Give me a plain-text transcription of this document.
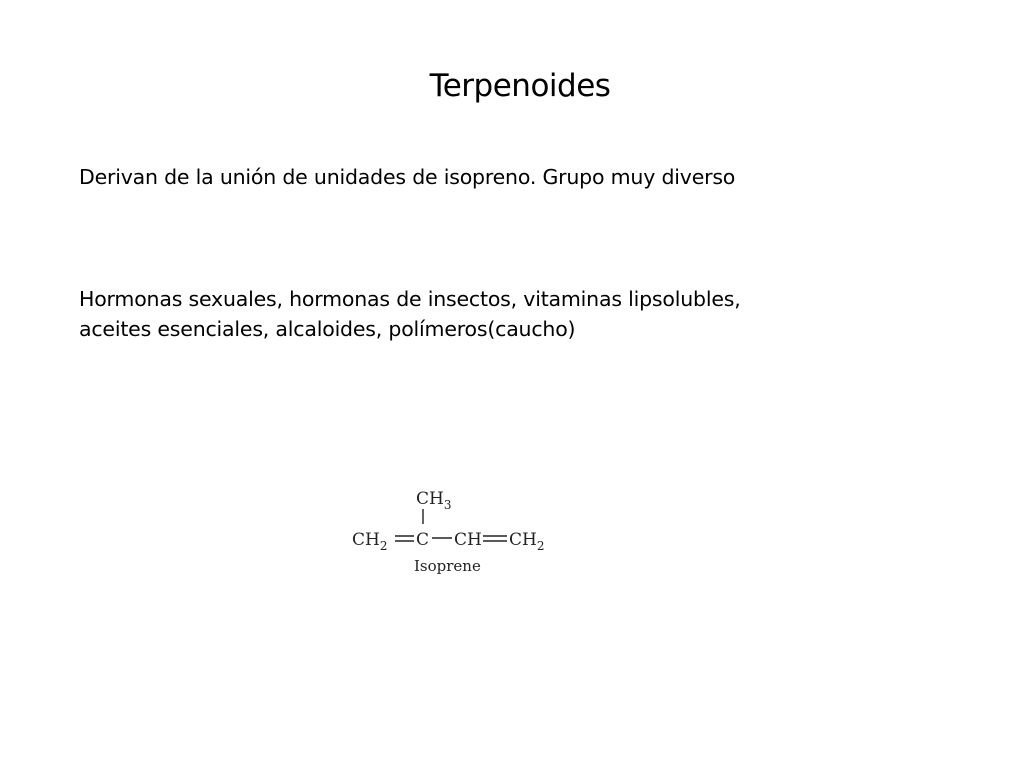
Terpenoides
Derivan de la unión de unidades de isopreno. Grupo muy diverso
Hormonas sexuales, hormonas de insectos, vitaminas lipsolubles, aceites esenciales, alcaloides, polímeros(caucho)
$CH_3$
$CH_2$ C CH $CH_2$
Isoprene
